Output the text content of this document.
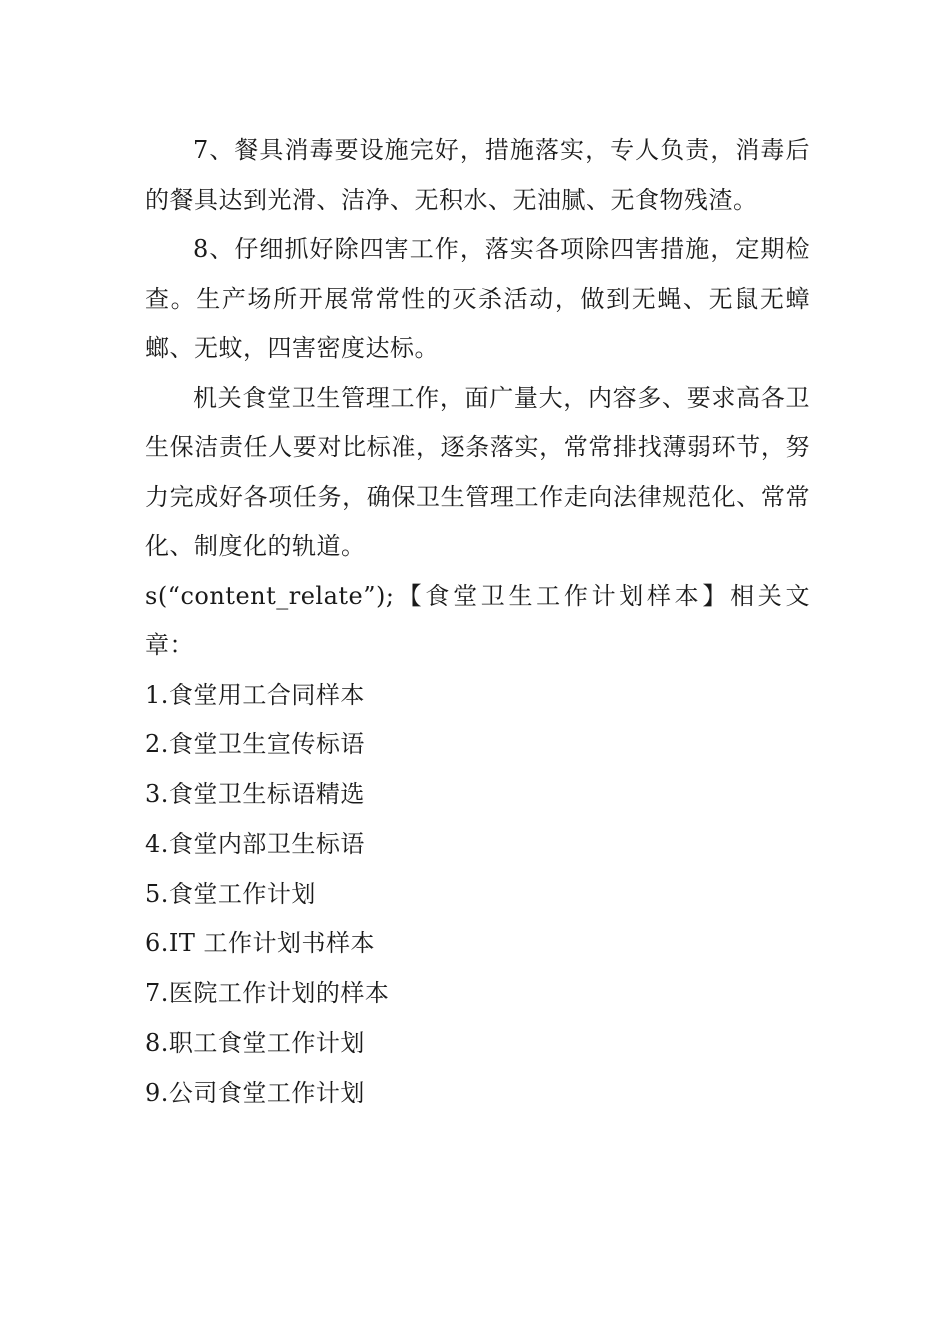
7、餐具消毒要设施完好，措施落实，专人负责，消毒后的餐具达到光滑、洁净、无积水、无油腻、无食物残渣。

8、仔细抓好除四害工作，落实各项除四害措施，定期检查。生产场所开展常常性的灭杀活动，做到无蝇、无鼠无蟑螂、无蚊，四害密度达标。

机关食堂卫生管理工作，面广量大，内容多、要求高各卫生保洁责任人要对比标准，逐条落实，常常排找薄弱环节，努力完成好各项任务，确保卫生管理工作走向法律规范化、常常化、制度化的轨道。

s(“content_relate”);【食堂卫生工作计划样本】相关文章：

1.食堂用工合同样本
2.食堂卫生宣传标语
3.食堂卫生标语精选
4.食堂内部卫生标语
5.食堂工作计划
6.IT 工作计划书样本
7.医院工作计划的样本
8.职工食堂工作计划
9.公司食堂工作计划
